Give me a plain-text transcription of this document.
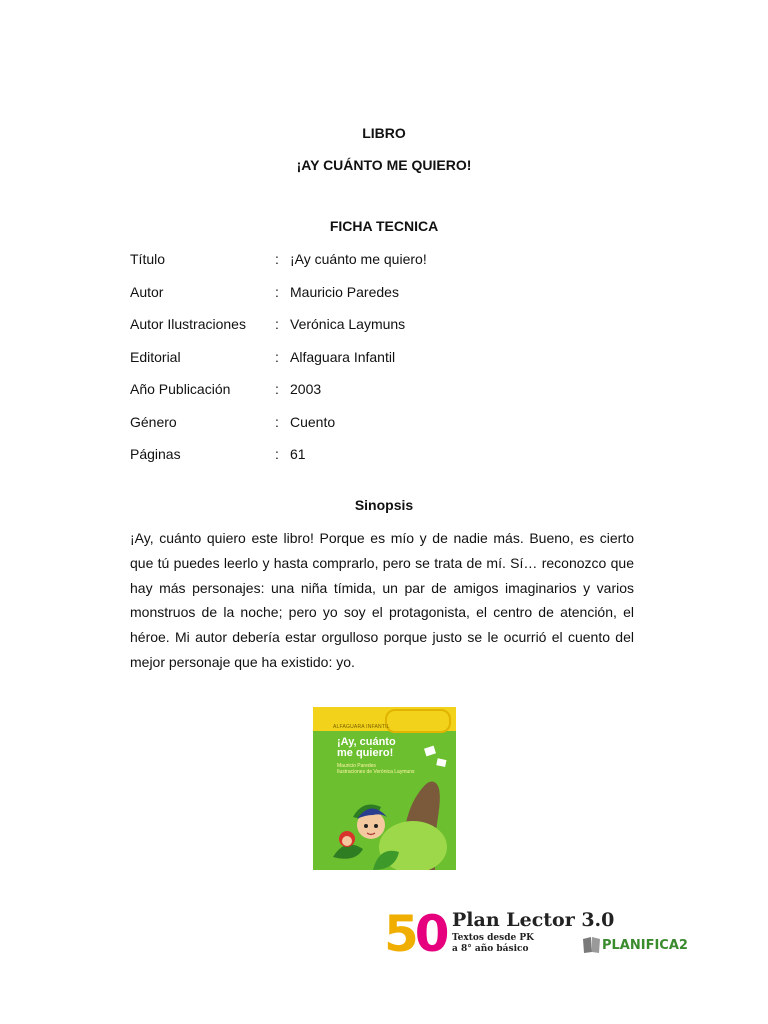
LIBRO
¡AY CUÁNTO ME QUIERO!
FICHA TECNICA
Título	: ¡Ay cuánto me quiero!
Autor	: Mauricio Paredes
Autor Ilustraciones : Verónica Laymuns
Editorial	: Alfaguara Infantil
Año Publicación	: 2003
Género	: Cuento
Páginas	: 61
Sinopsis

¡Ay, cuánto quiero este libro! Porque es mío y de nadie más. Bueno, es cierto que tú puedes leerlo y hasta comprarlo, pero se trata de mí. Sí… reconozco que hay más personajes: una niña tímida, un par de amigos imaginarios y varios monstruos de la noche; pero yo soy el protagonista, el centro de atención, el héroe. Mi autor debería estar orgulloso porque justo se le ocurrió el cuento del mejor personaje que ha existido: yo.

ALFAGUARA INFANTIL
¡Ay, cuánto
me quiero!
Mauricio Paredes
Ilustraciones de Verónica Laymuns
50 Plan Lector 3.0
Textos desde PK
a 8° año básico	PLANIFICA2
